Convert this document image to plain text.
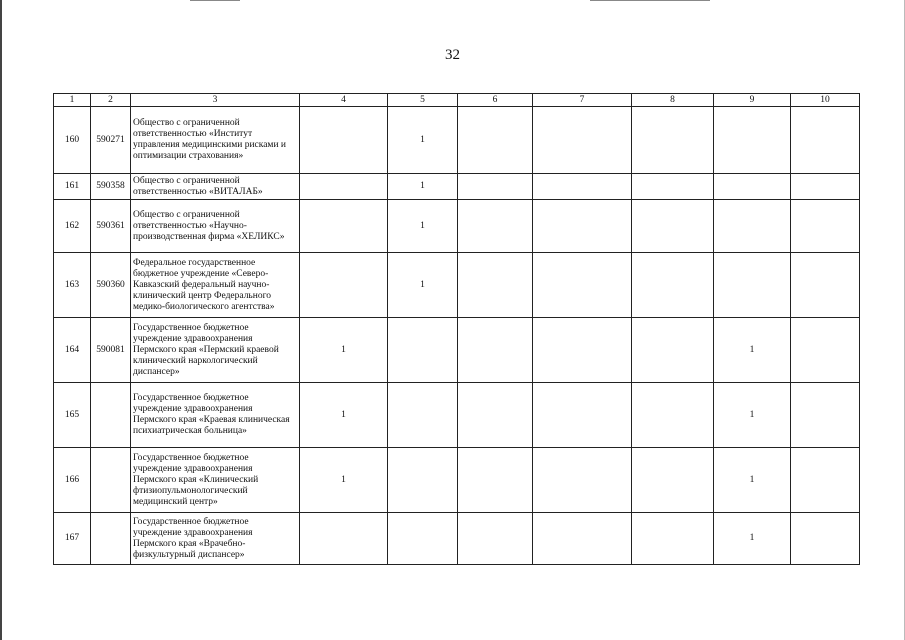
32
1	2	3	4	5	6	7	8	9	10
160	590271	Общество с ограниченной ответственностью «Институт управления медицинскими рисками и оптимизации страхования»		1					
161	590358	Общество с ограниченной ответственностью «ВИТАЛАБ»		1					
162	590361	Общество с ограниченной ответственностью «Научно-производственная фирма «ХЕЛИКС»		1					
163	590360	Федеральное государственное бюджетное учреждение «Северо-Кавказский федеральный научно-клинический центр Федерального медико-биологического агентства»		1					
164	590081	Государственное бюджетное учреждение здравоохранения Пермского края «Пермский краевой клинический наркологический диспансер»	1					1	
165		Государственное бюджетное учреждение здравоохранения Пермского края «Краевая клиническая психиатрическая больница»	1					1	
166		Государственное бюджетное учреждение здравоохранения Пермского края «Клинический фтизиопульмонологический медицинский центр»	1					1	
167		Государственное бюджетное учреждение здравоохранения Пермского края «Врачебно-физкультурный диспансер»						1	
